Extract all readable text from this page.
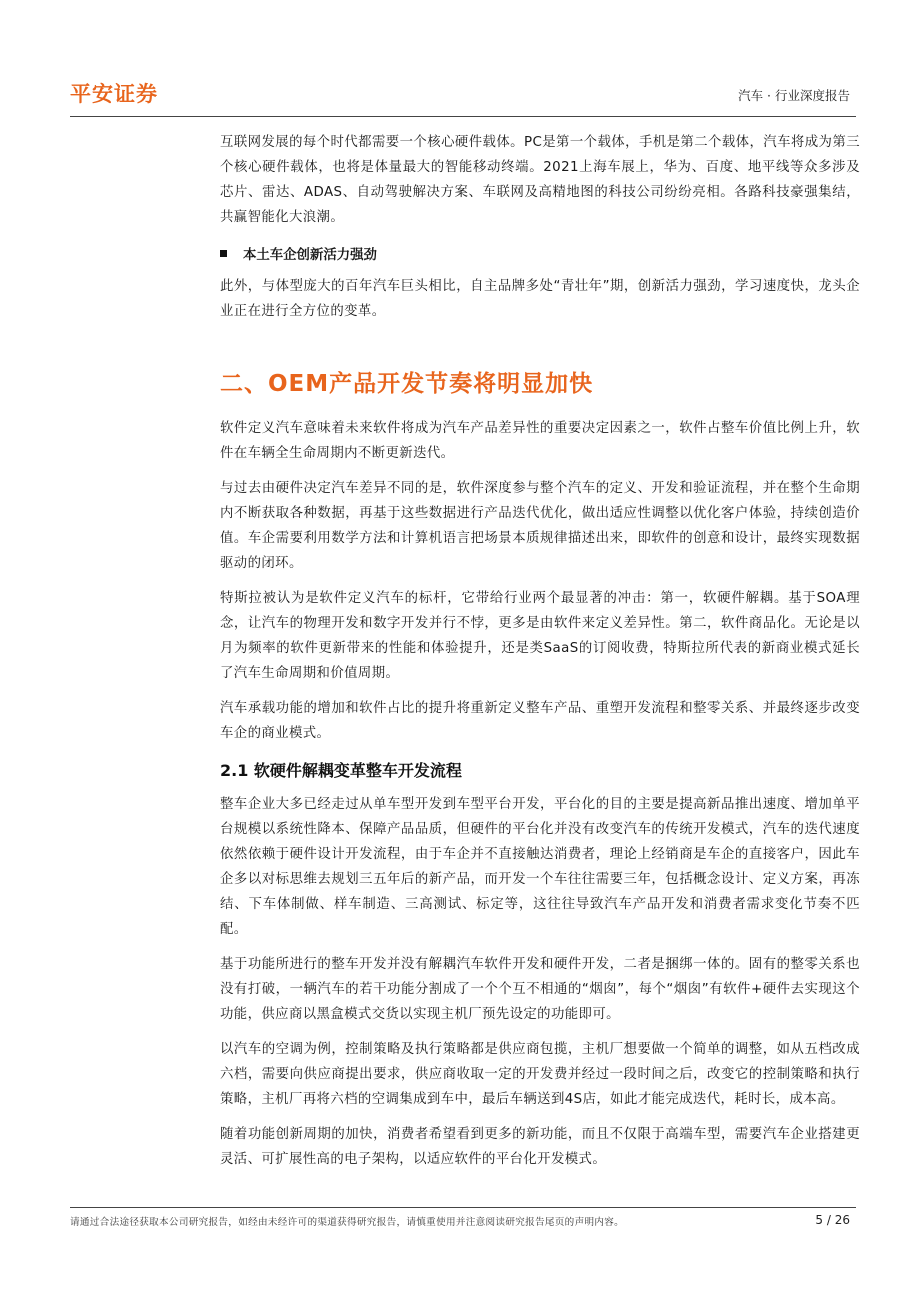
平安证券	汽车 · 行业深度报告

互联网发展的每个时代都需要一个核心硬件载体。PC是第一个载体，手机是第二个载体，汽车将成为第三个核心硬件载体，也将是体量最大的智能移动终端。2021上海车展上，华为、百度、地平线等众多涉及芯片、雷达、ADAS、自动驾驶解决方案、车联网及高精地图的科技公司纷纷亮相。各路科技豪强集结，共赢智能化大浪潮。

本土车企创新活力强劲

此外，与体型庞大的百年汽车巨头相比，自主品牌多处“青壮年”期，创新活力强劲，学习速度快，龙头企业正在进行全方位的变革。

二、OEM产品开发节奏将明显加快

软件定义汽车意味着未来软件将成为汽车产品差异性的重要决定因素之一，软件占整车价值比例上升，软件在车辆全生命周期内不断更新迭代。

与过去由硬件决定汽车差异不同的是，软件深度参与整个汽车的定义、开发和验证流程，并在整个生命期内不断获取各种数据，再基于这些数据进行产品迭代优化，做出适应性调整以优化客户体验，持续创造价值。车企需要利用数学方法和计算机语言把场景本质规律描述出来，即软件的创意和设计，最终实现数据驱动的闭环。

特斯拉被认为是软件定义汽车的标杆，它带给行业两个最显著的冲击：第一，软硬件解耦。基于SOA理念，让汽车的物理开发和数字开发并行不悖，更多是由软件来定义差异性。第二，软件商品化。无论是以月为频率的软件更新带来的性能和体验提升，还是类SaaS的订阅收费，特斯拉所代表的新商业模式延长了汽车生命周期和价值周期。

汽车承载功能的增加和软件占比的提升将重新定义整车产品、重塑开发流程和整零关系、并最终逐步改变车企的商业模式。

2.1 软硬件解耦变革整车开发流程

整车企业大多已经走过从单车型开发到车型平台开发，平台化的目的主要是提高新品推出速度、增加单平台规模以系统性降本、保障产品品质，但硬件的平台化并没有改变汽车的传统开发模式，汽车的迭代速度依然依赖于硬件设计开发流程，由于车企并不直接触达消费者，理论上经销商是车企的直接客户，因此车企多以对标思维去规划三五年后的新产品，而开发一个车往往需要三年，包括概念设计、定义方案，再冻结、下车体制做、样车制造、三高测试、标定等，这往往导致汽车产品开发和消费者需求变化节奏不匹配。

基于功能所进行的整车开发并没有解耦汽车软件开发和硬件开发，二者是捆绑一体的。固有的整零关系也没有打破，一辆汽车的若干功能分割成了一个个互不相通的“烟囱”，每个“烟囱”有软件+硬件去实现这个功能，供应商以黑盒模式交货以实现主机厂预先设定的功能即可。

以汽车的空调为例，控制策略及执行策略都是供应商包揽，主机厂想要做一个简单的调整，如从五档改成六档，需要向供应商提出要求，供应商收取一定的开发费并经过一段时间之后，改变它的控制策略和执行策略，主机厂再将六档的空调集成到车中，最后车辆送到4S店，如此才能完成迭代，耗时长，成本高。

随着功能创新周期的加快，消费者希望看到更多的新功能，而且不仅限于高端车型，需要汽车企业搭建更灵活、可扩展性高的电子架构，以适应软件的平台化开发模式。

请通过合法途径获取本公司研究报告，如经由未经许可的渠道获得研究报告，请慎重使用并注意阅读研究报告尾页的声明内容。	5 / 26
